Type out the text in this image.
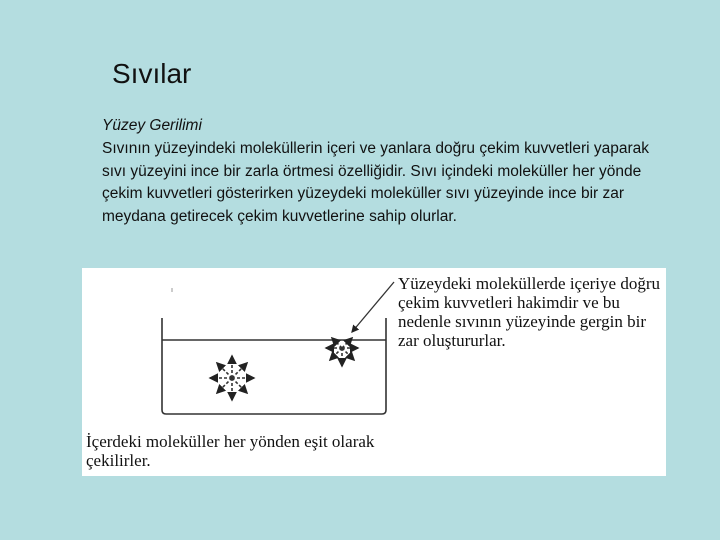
Sıvılar
Yüzey Gerilimi
Sıvının yüzeyindeki moleküllerin içeri ve yanlara doğru çekim kuvvetleri yaparak sıvı yüzeyini ince bir zarla örtmesi özelliğidir. Sıvı içindeki moleküller her yönde çekim kuvvetleri gösterirken yüzeydeki moleküller sıvı yüzeyinde ince bir zar meydana getirecek çekim kuvvetlerine sahip olurlar.
Yüzeydeki moleküllerde içeriye doğru çekim kuvvetleri hakimdir ve bu nedenle sıvının yüzeyinde gergin bir zar oluştururlar.
İçerdeki moleküller her yönden eşit olarak çekilirler.
